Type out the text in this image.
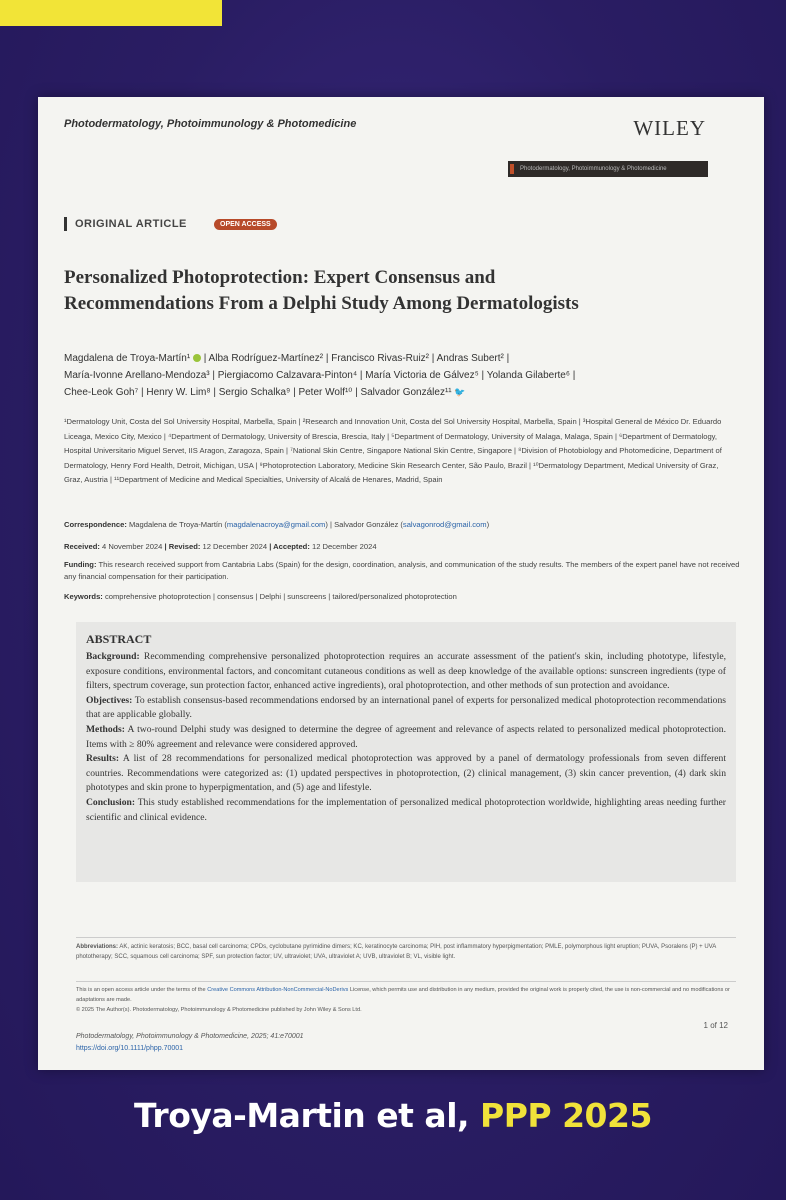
Photodermatology, Photoimmunology & Photomedicine	WILEY
Photodermatology, Photoimmunology & Photomedicine
ORIGINAL ARTICLE	OPEN ACCESS
Personalized Photoprotection: Expert Consensus and Recommendations From a Delphi Study Among Dermatologists
Magdalena de Troya-Martín¹  | Alba Rodríguez-Martínez² | Francisco Rivas-Ruiz² | Andras Subert² |
María-Ivonne Arellano-Mendoza³ | Piergiacomo Calzavara-Pinton⁴ | María Victoria de Gálvez⁵ | Yolanda Gilaberte⁶ |
Chee-Leok Goh⁷ | Henry W. Lim⁸ | Sergio Schalka⁹ | Peter Wolf¹⁰ | Salvador González¹¹ 🐦
¹Dermatology Unit, Costa del Sol University Hospital, Marbella, Spain | ²Research and Innovation Unit, Costa del Sol University Hospital, Marbella, Spain | ³Hospital General de México Dr. Eduardo Liceaga, Mexico City, Mexico | ⁴Department of Dermatology, University of Brescia, Brescia, Italy | ⁵Department of Dermatology, University of Malaga, Malaga, Spain | ⁶Department of Dermatology, Hospital Universitario Miguel Servet, IIS Aragon, Zaragoza, Spain | ⁷National Skin Centre, Singapore National Skin Centre, Singapore | ⁸Division of Photobiology and Photomedicine, Department of Dermatology, Henry Ford Health, Detroit, Michigan, USA | ⁹Photoprotection Laboratory, Medicine Skin Research Center, São Paulo, Brazil | ¹⁰Dermatology Department, Medical University of Graz, Graz, Austria | ¹¹Department of Medicine and Medical Specialties, University of Alcalá de Henares, Madrid, Spain
Correspondence: Magdalena de Troya-Martín (magdalenacroya@gmail.com) | Salvador González (salvagonrod@gmail.com)
Received: 4 November 2024 | Revised: 12 December 2024 | Accepted: 12 December 2024
Funding: This research received support from Cantabria Labs (Spain) for the design, coordination, analysis, and communication of the study results. The members of the expert panel have not received any financial compensation for their participation.
Keywords: comprehensive photoprotection | consensus | Delphi | sunscreens | tailored/personalized photoprotection
ABSTRACT

Background: Recommending comprehensive personalized photoprotection requires an accurate assessment of the patient's skin, including phototype, lifestyle, exposure conditions, environmental factors, and concomitant cutaneous conditions as well as deep knowledge of the available options: sunscreen ingredients (type of filters, spectrum coverage, sun protection factor, enhanced active ingredients), oral photoprotection, and other methods of sun protection and avoidance.

Objectives: To establish consensus-based recommendations endorsed by an international panel of experts for personalized medical photoprotection recommendations that are applicable globally.

Methods: A two-round Delphi study was designed to determine the degree of agreement and relevance of aspects related to personalized medical photoprotection. Items with ≥ 80% agreement and relevance were considered approved.

Results: A list of 28 recommendations for personalized medical photoprotection was approved by a panel of dermatology professionals from seven different countries. Recommendations were categorized as: (1) updated perspectives in photoprotection, (2) clinical management, (3) skin cancer prevention, (4) dark skin phototypes and skin prone to hyperpigmentation, and (5) age and lifestyle.

Conclusion: This study established recommendations for the implementation of personalized medical photoprotection worldwide, highlighting areas needing further scientific and clinical evidence.

Abbreviations: AK, actinic keratosis; BCC, basal cell carcinoma; CPDs, cyclobutane pyrimidine dimers; KC, keratinocyte carcinoma; PIH, post inflammatory hyperpigmentation; PMLE, polymorphous light eruption; PUVA, Psoralens (P) + UVA phototherapy; SCC, squamous cell carcinoma; SPF, sun protection factor; UV, ultraviolet; UVA, ultraviolet A; UVB, ultraviolet B; VL, visible light.
This is an open access article under the terms of the Creative Commons Attribution-NonCommercial-NoDerivs License, which permits use and distribution in any medium, provided the original work is properly cited, the use is non-commercial and no modifications or adaptations are made.
© 2025 The Author(s). Photodermatology, Photoimmunology & Photomedicine published by John Wiley & Sons Ltd.
Photodermatology, Photoimmunology & Photomedicine, 2025; 41:e70001
https://doi.org/10.1111/phpp.70001
1 of 12
Troya-Martin et al, PPP 2025
